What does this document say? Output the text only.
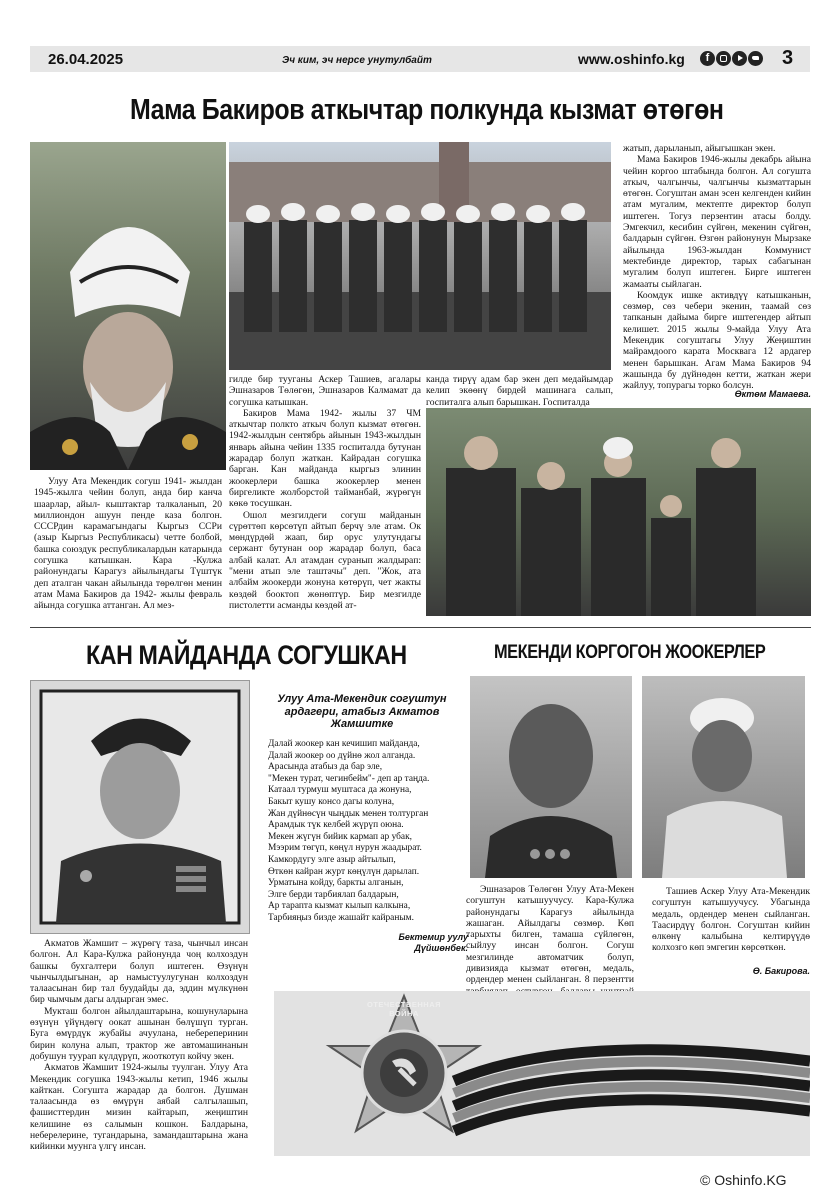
26.04.2025	Эч ким, эч нерсе унутулбайт	www.oshinfo.kg	f	3
Мама Бакиров аткычтар полкунда кызмат өтөгөн

Улуу Ата Мекендик согуш 1941- жылдан 1945-жылга чейин болуп, анда бир канча шаарлар, айыл- кыштактар талкаланып, 20 миллиондон ашуун пенде каза болгон. СССРдин карамагындагы Кыргыз ССРи (азыр Кыргыз Республикасы) четте болбой, башка союздук республикалардын катарында согушка катышкан. Кара -Кулжа районундагы Карагуз айылындагы Түштүк деп аталган чакан айылында төрөлгөн менин атам Мама Бакиров да 1942- жылы февраль айында согушка аттанган. Ал мез-

гилде бир тууганы Аскер Ташиев, агалары Эшназаров Төлөгөн, Эшназаров Калмамат да согушка катышкан.

Бакиров Мама 1942- жылы 37 ЧМ аткычтар полкто аткыч болуп кызмат өтөгөн. 1942-жылдын сентябрь айынын 1943-жылдын январь айына чейин 1335 госпиталда бутунан жарадар болуп жаткан. Кайрадан согушка барган. Кан майданда кыргыз элинин жоокерлери башка жоокерлер менен биргеликте жолборстой тайманбай, жүрөгүн көкө тосушкан.

Ошол мезгилдеги согуш майданын сүрөттөп көрсөтүп айтып берчү эле атам. Ок мөндүрдөй жаап, бир орус улутундагы сержант бутунан оор жарадар болуп, баса албай калат. Ал атамдан суранып жалдырап: "мени атып эле таштачы" деп. "Жок, ата албайм жоокерди жонуна көтөрүп, чет жакты көздөй бооктоп жөнөптүр. Бир мезгилде пистолетти асманды көздөй ат-

канда тирүү адам бар экен деп медайымдар келип экөөнү бирдей машинага салып, госпиталга алып барышкан. Госпиталда

жатып, дарыланып, айыгышкан экен.

Мама Бакиров 1946-жылы декабрь айына чейин коргоо штабында болгон. Ал согушта аткыч, чалгынчы, чалгынчы кызматтарын өтөгөн. Согуштан аман эсен келгенден кийин атам мугалим, мектепте директор болуп иштеген. Тогуз перзентин атасы болду. Эмгекчил, кесибин сүйгөн, мекенин сүйгөн, балдарын сүйгөн. Өзгөн районунун Мырзаке айылында 1963-жылдан Коммунист мектебинде директор, тарых сабагынан мугалим болуп иштеген. Бирге иштеген жамааты сыйлаган.

Коомдук ишке активдүү катышканын, сөзмөр, сөз чебери экенин, таамай сөз тапканын дайыма бирге иштегендер айтып келишет. 2015 жылы 9-майда Улуу Ата Мекендик согуштагы Улуу Жеңиштин майрамдоого карата Москвага 12 ардагер менен барышкан. Агам Мама Бакиров 94 жашында бу дүйнөдөн кетти, жаткан жери жайлуу, топурагы торко болсун.

Өктөм Мамаева.
КАН МАЙДАНДА СОГУШКАН

Акматов Жамшит – жүрөгү таза, чынчыл инсан болгон. Ал Кара-Кулжа районунда чоң колхоздун башкы бухгалтери болуп иштеген. Өзүнүн чынчылдыгынан, ар намыстуулугунан колхоздун талаасынан бир тал буудайды да, эддин мүлкүнөн бир чымчым дагы алдырган эмес.

Мукташ болгон айылдаштарына, кошунуларына өзүнүн үйүндөгү оокат ашынан бөлүшүп турган. Буга өмүрдүк жубайы ачуулана, небереперинин бирин колуна алып, трактор же автомашинанын добушун туурап күлдүрүп, жооткотуп койчу экен.

Акматов Жамшит 1924-жылы туулган. Улуу Ата Мекендик согушка 1943-жылы кетип, 1946 жылы кайткан. Согушта жарадар да болгон. Душман талаасында өз өмүрүн аябай салгылашып, фашисттердин мизин кайтарып, жеңиштин келишине өз салымын кошкон. Балдарына, неберелерине, тугандарына, замандаштарына жана кийинки муунга үлгү инсан.

Улуу Ата-Мекендик согуштун ардагери, атабыз Акматов Жамшитке
Далай жоокер кан кечишип майданда,
Далай жоокер оо дүйнө жол алганда.
Арасында атабыз да бар эле,
"Мекен турат, чегинбейм"- деп ар таңда.
Катаал турмуш муштаса да жонуна,
Бакыт кушу консо дагы колуна,
Жан дүйнөсүн чыңдык менен толтурган
Арамдык түк келбей жүрүп оюна.
Мекен жүгүн бийик кармап ар убак,
Мээрим төгүп, көңүл нурун жаадырат.
Камкордугу элге азыр айтылып,
Өткөн кайран журт көңүлүн дарылап.
Урматына койду, баркты алганын,
Элге берди тарбиялап балдарын,
Ар тарапта кызмат кылып калкына,
Тарбияңыз бизде жашайт кайраным.
Бектемир уулу
Дүйшөнбек.
МЕКЕНДИ КОРГОГОН ЖООКЕРЛЕР

Эшназаров Төлөгөн Улуу Ата-Мекен согуштун катышуучусу. Кара-Кулжа районундагы Карагуз айылында жашаган. Айылдагы сөзмөр. Көп тарыхты билген, тамаша сүйлөгөн, сыйлуу инсан болгон. Согуш мезгилинде автоматчик болуп, дивизияда кызмат өтөгөн, медаль, ордендер менен сыйланган. 8 перзентти

Ташиев Аскер Улуу Ата-Мекендик согуштун катышуучусу. Убагында медаль, ордендер менен сыйланган. Таасирдүү болгон. Согуштан кийин өлкөнү калыбына келтирүүдө колхозго көп эмгегин көрсөткөн.

Ө. Бакирова.
ОТЕЧЕСТВЕННАЯ ВОЙНА
© Oshinfo.KG
